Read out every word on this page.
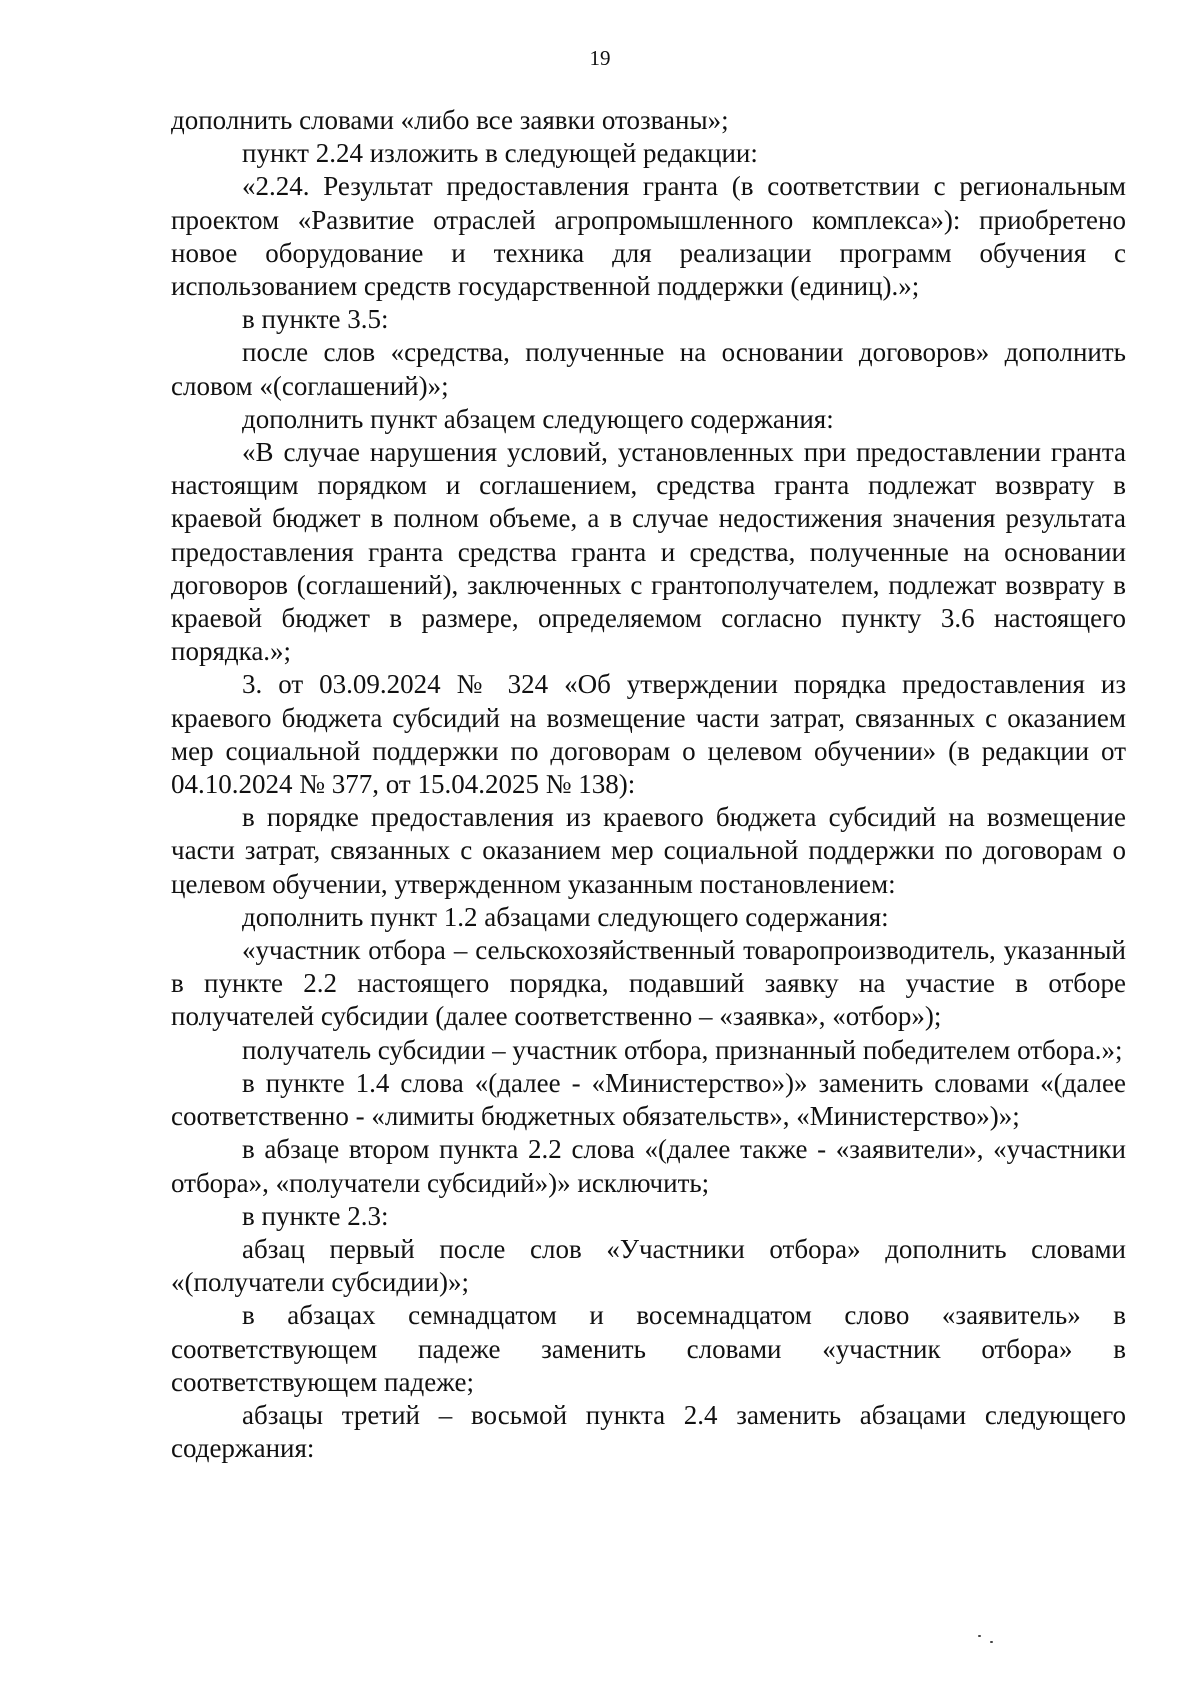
19

дополнить словами «либо все заявки отозваны»;

пункт 2.24 изложить в следующей редакции:

«2.24. Результат предоставления гранта (в соответствии с региональным проектом «Развитие отраслей агропромышленного комплекса»): приобретено новое оборудование и техника для реализации программ обучения с использованием средств государственной поддержки (единиц).»;

в пункте 3.5:

после слов «средства, полученные на основании договоров» дополнить словом «(соглашений)»;

дополнить пункт абзацем следующего содержания:

«В случае нарушения условий, установленных при предоставлении гранта настоящим порядком и соглашением, средства гранта подлежат возврату в краевой бюджет в полном объеме, а в случае недостижения значения результата предоставления гранта средства гранта и средства, полученные на основании договоров (соглашений), заключенных с грантополучателем, подлежат возврату в краевой бюджет в размере, определяемом согласно пункту 3.6 настоящего порядка.»;

3. от 03.09.2024 № 324 «Об утверждении порядка предоставления из краевого бюджета субсидий на возмещение части затрат, связанных с оказанием мер социальной поддержки по договорам о целевом обучении» (в редакции от 04.10.2024 № 377, от 15.04.2025 № 138):

в порядке предоставления из краевого бюджета субсидий на возмещение части затрат, связанных с оказанием мер социальной поддержки по договорам о целевом обучении, утвержденном указанным постановлением:

дополнить пункт 1.2 абзацами следующего содержания:

«участник отбора – сельскохозяйственный товаропроизводитель, указанный в пункте 2.2 настоящего порядка, подавший заявку на участие в отборе получателей субсидии (далее соответственно – «заявка», «отбор»);

получатель субсидии – участник отбора, признанный победителем отбора.»;

в пункте 1.4 слова «(далее - «Министерство»)» заменить словами «(далее соответственно - «лимиты бюджетных обязательств», «Министерство»)»;

в абзаце втором пункта 2.2 слова «(далее также - «заявители», «участники отбора», «получатели субсидий»)» исключить;

в пункте 2.3:

абзац первый после слов «Участники отбора» дополнить словами «(получатели субсидии)»;

в абзацах семнадцатом и восемнадцатом слово «заявитель» в соответствующем падеже заменить словами «участник отбора» в соответствующем падеже;

абзацы третий – восьмой пункта 2.4 заменить абзацами следующего содержания:
